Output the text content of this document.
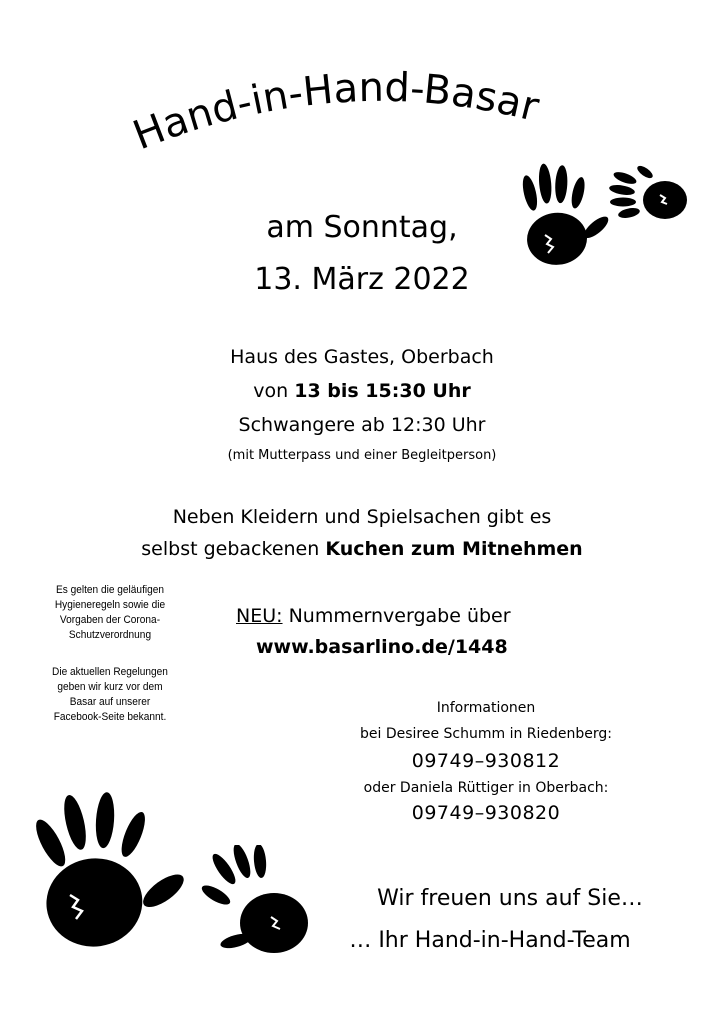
Hand-in-Hand-Basar
am Sonntag,
13. März 2022
Haus des Gastes, Oberbach
von 13 bis 15:30 Uhr
Schwangere ab 12:30 Uhr
(mit Mutterpass und einer Begleitperson)
Neben Kleidern und Spielsachen gibt es
selbst gebackenen Kuchen zum Mitnehmen
NEU: Nummernvergabe über
www.basarlino.de/1448
Es gelten die geläufigen
Hygieneregeln sowie die
Vorgaben der Corona-
Schutzverordnung
Die aktuellen Regelungen
geben wir kurz vor dem
Basar auf unserer
Facebook-Seite bekannt.
Informationen
bei Desiree Schumm in Riedenberg:
09749–930812
oder Daniela Rüttiger in Oberbach:
09749–930820
Wir freuen uns auf Sie…
… Ihr Hand-in-Hand-Team
